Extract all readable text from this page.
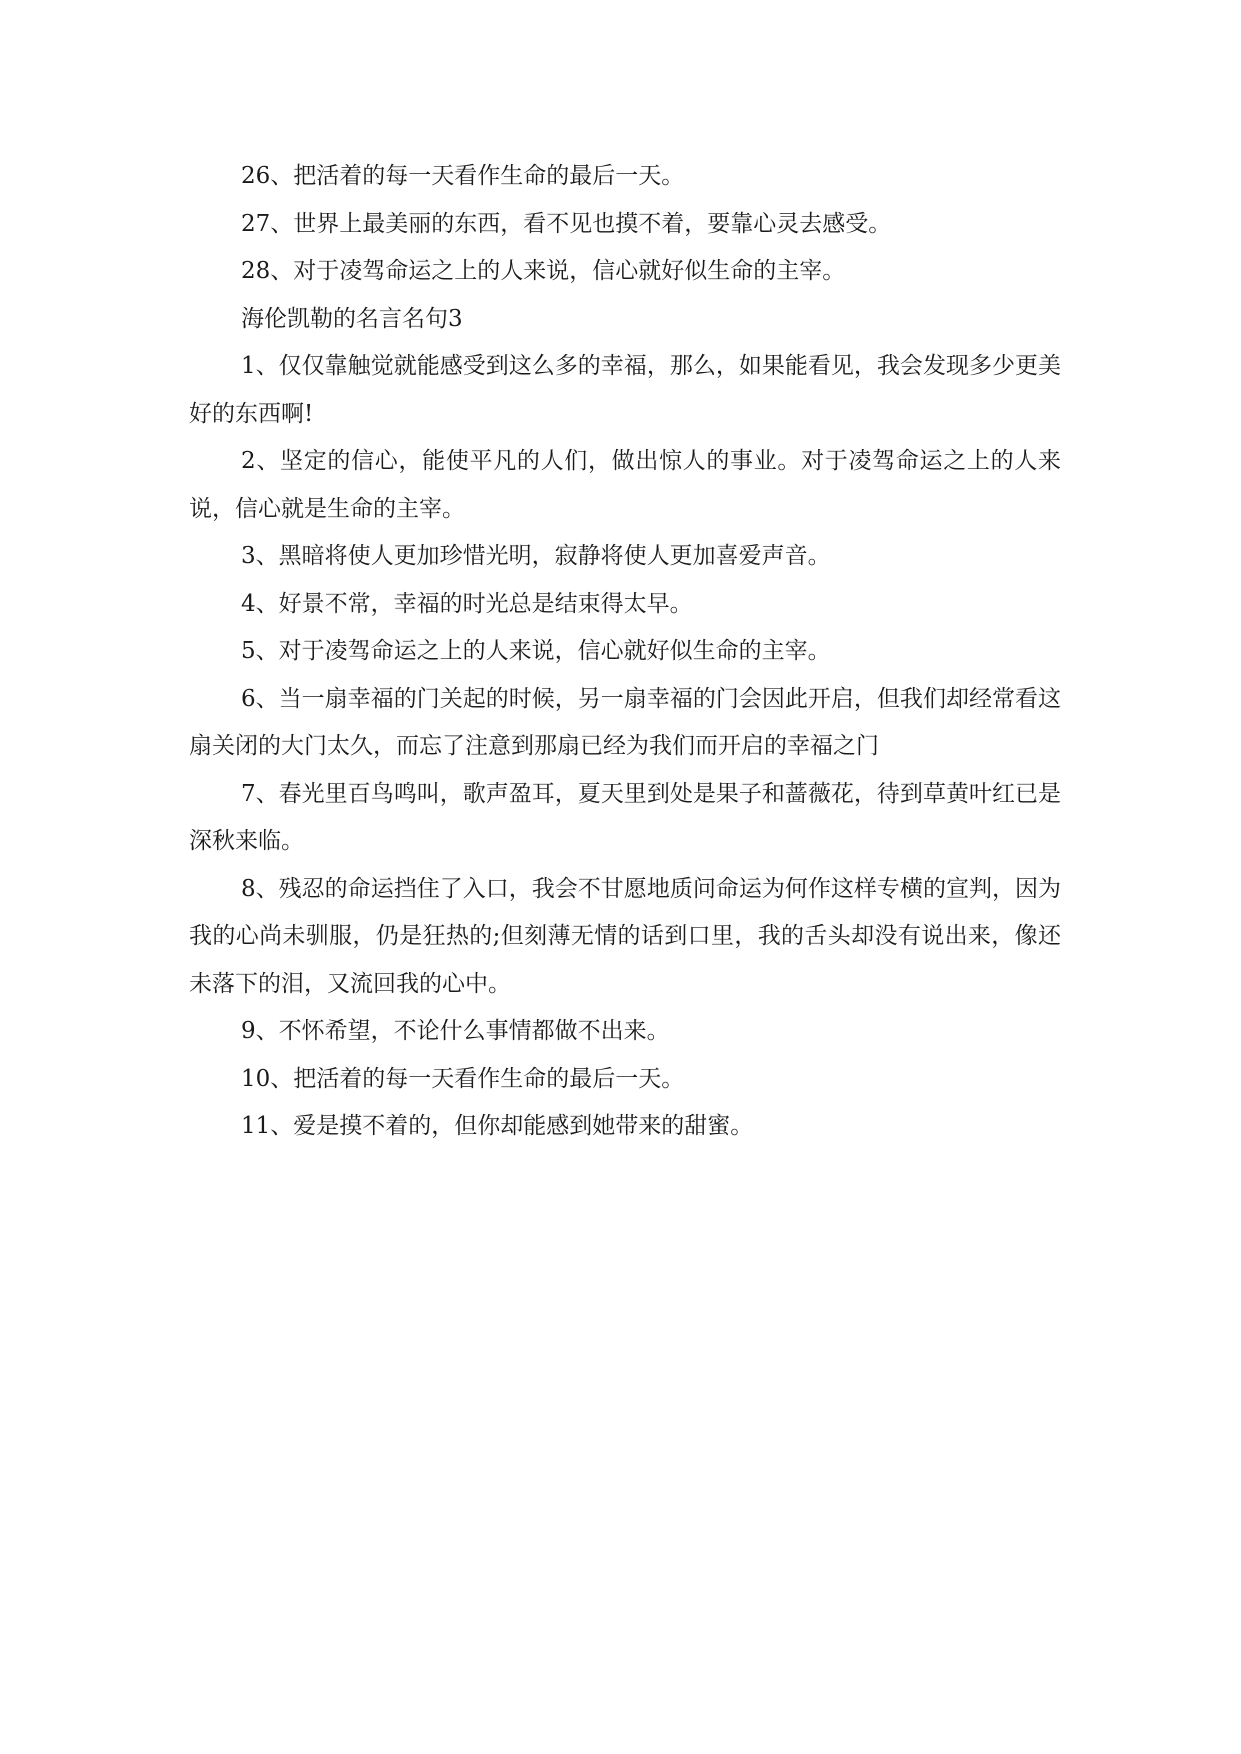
26、把活着的每一天看作生命的最后一天。

27、世界上最美丽的东西，看不见也摸不着，要靠心灵去感受。

28、对于凌驾命运之上的人来说，信心就好似生命的主宰。

海伦凯勒的名言名句3

1、仅仅靠触觉就能感受到这么多的幸福，那么，如果能看见，我会发现多少更美好的东西啊!

2、坚定的信心，能使平凡的人们，做出惊人的事业。对于凌驾命运之上的人来说，信心就是生命的主宰。

3、黑暗将使人更加珍惜光明，寂静将使人更加喜爱声音。

4、好景不常，幸福的时光总是结束得太早。

5、对于凌驾命运之上的人来说，信心就好似生命的主宰。

6、当一扇幸福的门关起的时候，另一扇幸福的门会因此开启，但我们却经常看这扇关闭的大门太久，而忘了注意到那扇已经为我们而开启的幸福之门

7、春光里百鸟鸣叫，歌声盈耳，夏天里到处是果子和蔷薇花，待到草黄叶红已是深秋来临。

8、残忍的命运挡住了入口，我会不甘愿地质问命运为何作这样专横的宣判，因为我的心尚未驯服，仍是狂热的;但刻薄无情的话到口里，我的舌头却没有说出来，像还未落下的泪，又流回我的心中。

9、不怀希望，不论什么事情都做不出来。

10、把活着的每一天看作生命的最后一天。

11、爱是摸不着的，但你却能感到她带来的甜蜜。
